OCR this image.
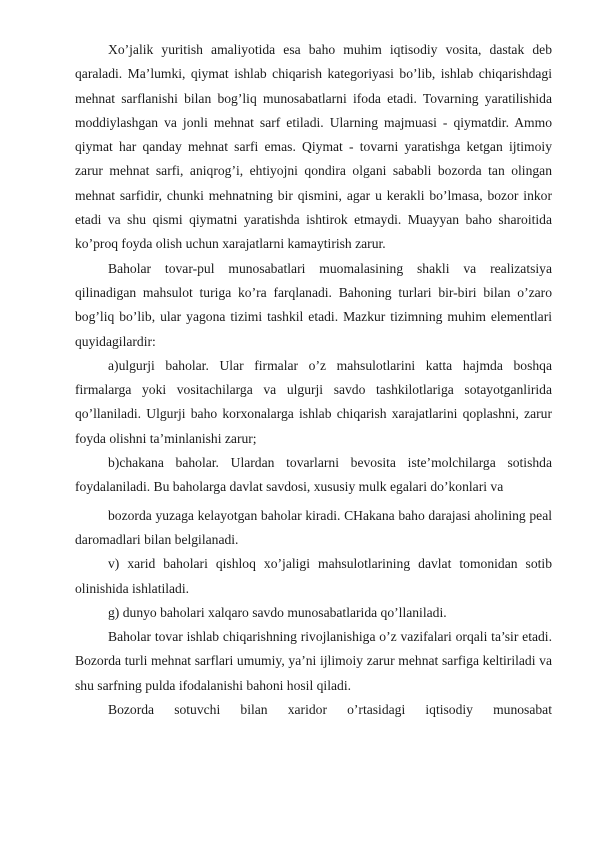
Xo’jalik yuritish amaliyotida esa baho muhim iqtisodiy vosita, dastak deb qaraladi. Ma’lumki, qiymat ishlab chiqarish kategoriyasi bo’lib, ishlab chiqarishdagi mehnat sarflanishi bilan bog’liq munosabatlarni ifoda etadi. Tovarning yaratilishida moddiylashgan va jonli mehnat sarf etiladi. Ularning majmuasi - qiymatdir. Ammo qiymat har qanday mehnat sarfi emas. Qiymat - tovarni yaratishga ketgan ijtimoiy zarur mehnat sarfi, aniqrog’i, ehtiyojni qondira olgani sababli bozorda tan olingan mehnat sarfidir, chunki mehnatning bir qismini, agar u kerakli bo’lmasa, bozor inkor etadi va shu qismi qiymatni yaratishda ishtirok etmaydi. Muayyan baho sharoitida ko’proq foyda olish uchun xarajatlarni kamaytirish zarur.

Baholar tovar-pul munosabatlari muomalasining shakli va realizatsiya qilinadigan mahsulot turiga ko’ra farqlanadi. Bahoning turlari bir-biri bilan o’zaro bog’liq bo’lib, ular yagona tizimi tashkil etadi. Mazkur tizimning muhim elementlari quyidagilardir:

a)ulgurji baholar. Ular firmalar o’z mahsulotlarini katta hajmda boshqa firmalarga yoki vositachilarga va ulgurji savdo tashkilotlariga sotayotganlirida qo’llaniladi. Ulgurji baho korxonalarga ishlab chiqarish xarajatlarini qoplashni, zarur foyda olishni ta’minlanishi zarur;

b)chakana baholar. Ulardan tovarlarni bevosita iste’molchilarga sotishda foydalaniladi. Bu baholarga davlat savdosi, xususiy mulk egalari do’konlari va

bozorda yuzaga kelayotgan baholar kiradi. CHakana baho darajasi aholining peal daromadlari bilan belgilanadi.

v) xarid baholari qishloq xo’jaligi mahsulotlarining davlat tomonidan sotib olinishida ishlatiladi.

g) dunyo baholari xalqaro savdo munosabatlarida qo’llaniladi.

Baholar tovar ishlab chiqarishning rivojlanishiga o’z vazifalari orqali ta’sir etadi. Bozorda turli mehnat sarflari umumiy, ya’ni ijlimoiy zarur mehnat sarfiga keltiriladi va shu sarfning pulda ifodalanishi bahoni hosil qiladi.

Bozorda sotuvchi bilan xaridor o’rtasidagi iqtisodiy munosabat
